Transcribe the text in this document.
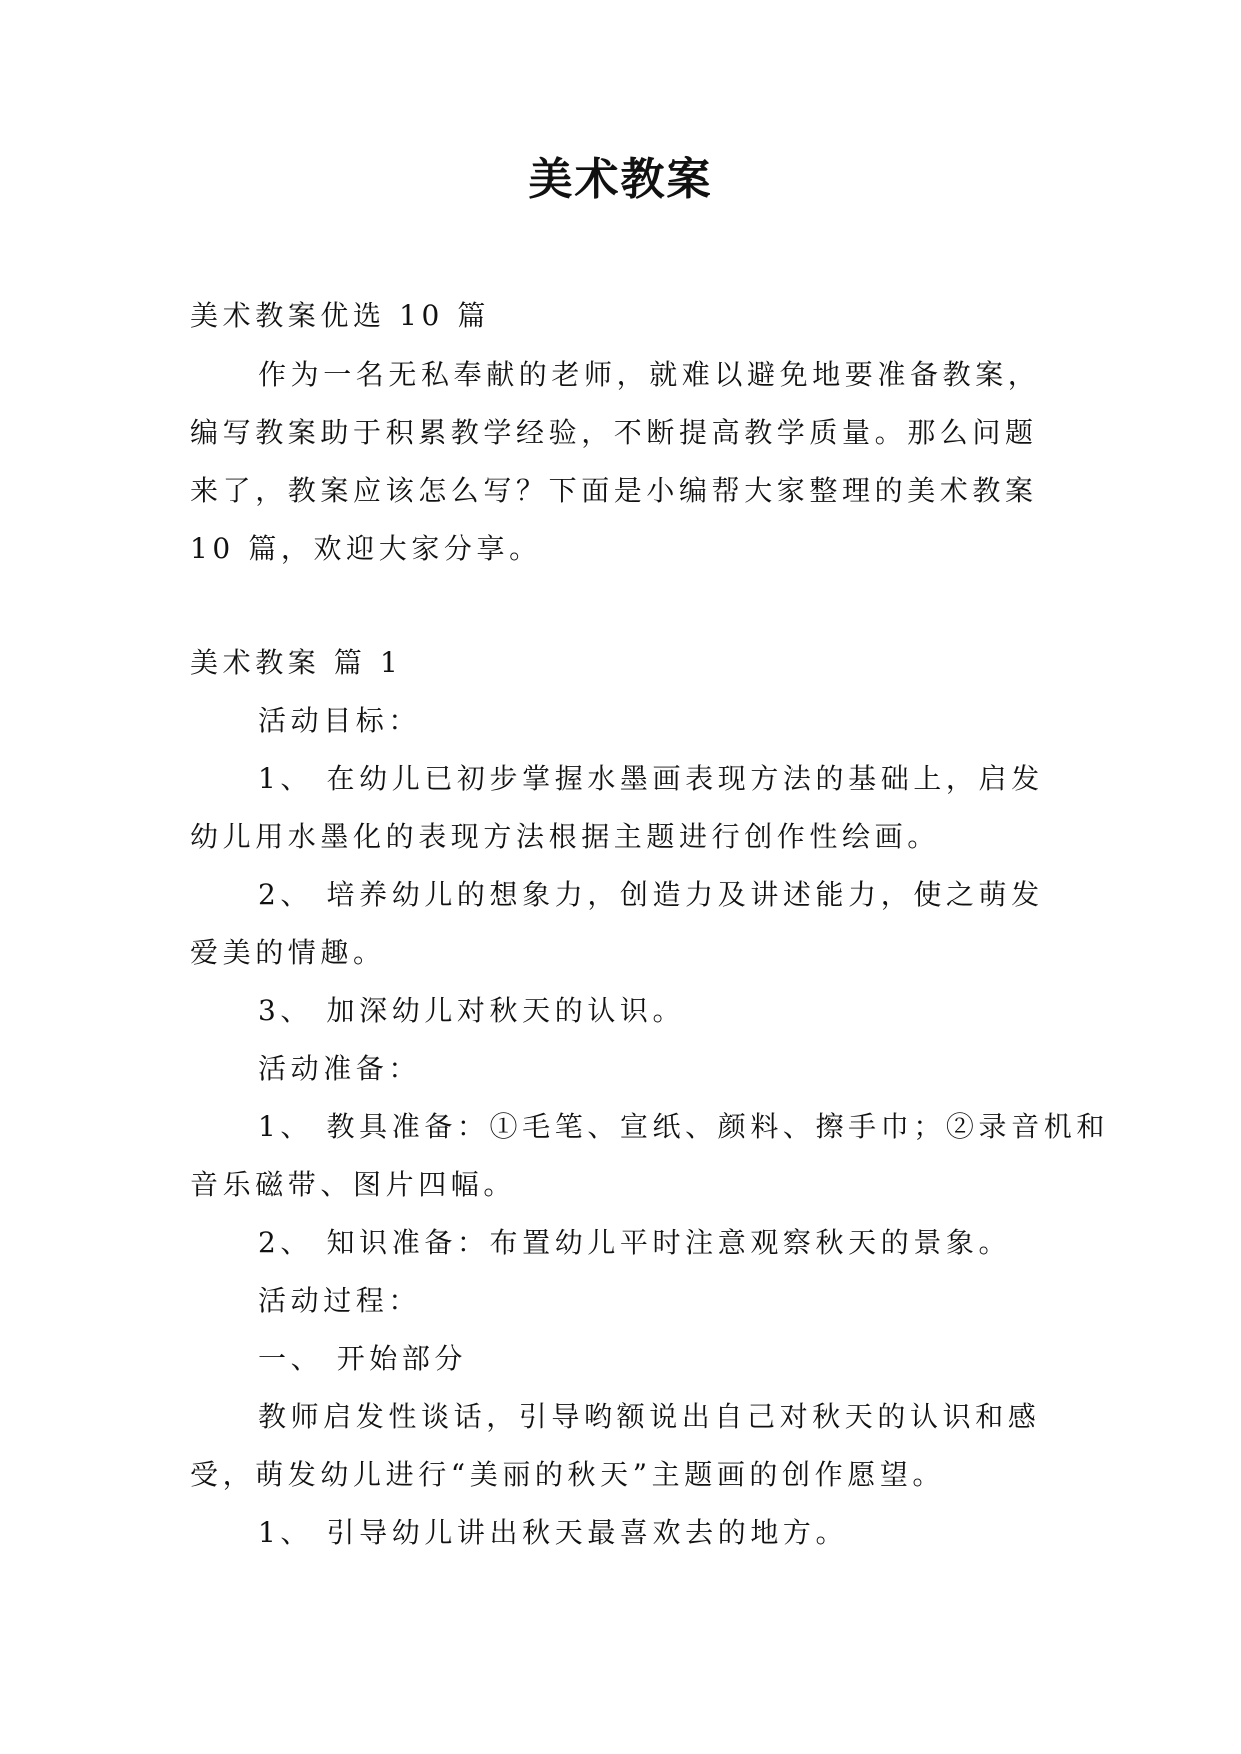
美术教案
美术教案优选 10 篇
作为一名无私奉献的老师，就难以避免地要准备教案，
编写教案助于积累教学经验，不断提高教学质量。那么问题
来了，教案应该怎么写？下面是小编帮大家整理的美术教案
10 篇，欢迎大家分享。
美术教案 篇 1
活动目标：
1、 在幼儿已初步掌握水墨画表现方法的基础上，启发
幼儿用水墨化的表现方法根据主题进行创作性绘画。
2、 培养幼儿的想象力，创造力及讲述能力，使之萌发
爱美的情趣。
3、 加深幼儿对秋天的认识。
活动准备：
1、 教具准备：①毛笔、宣纸、颜料、擦手巾；②录音机和
音乐磁带、图片四幅。
2、 知识准备：布置幼儿平时注意观察秋天的景象。
活动过程：
一、 开始部分
教师启发性谈话，引导哟额说出自己对秋天的认识和感
受，萌发幼儿进行“美丽的秋天”主题画的创作愿望。
1、 引导幼儿讲出秋天最喜欢去的地方。
